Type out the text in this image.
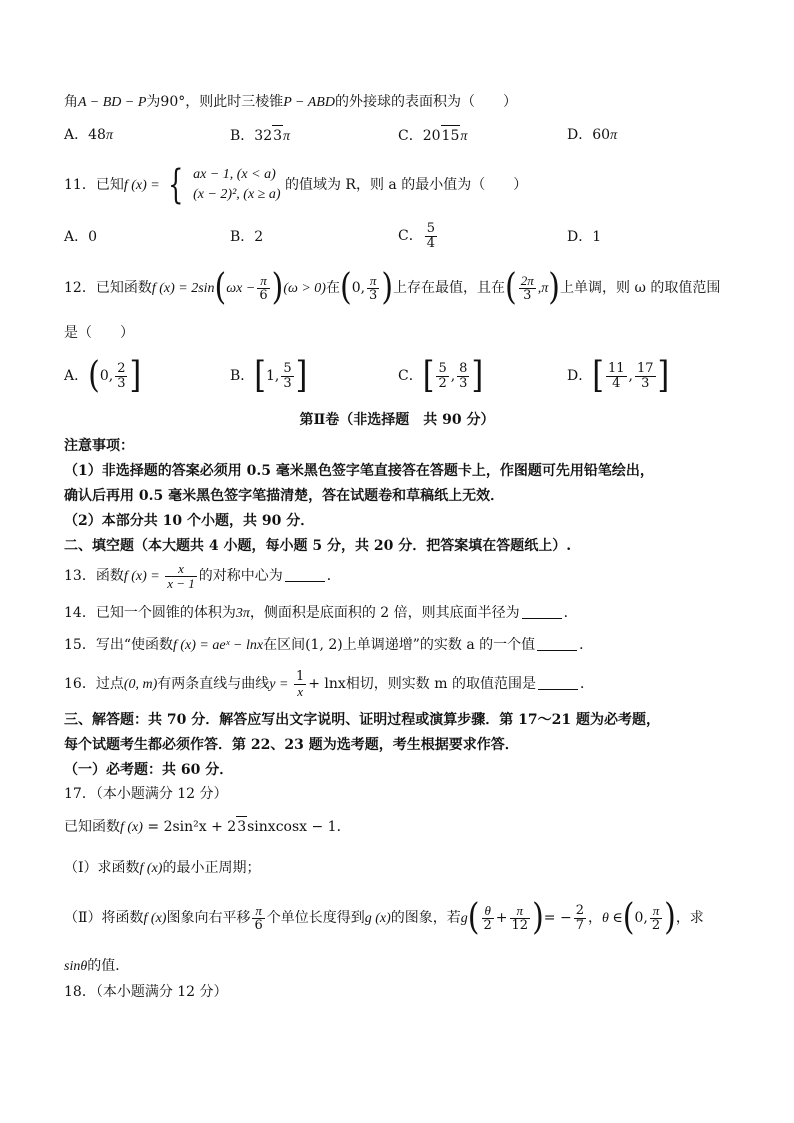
角A − BD − P为90°，则此时三棱锥P − ABD的外接球的表面积为（　　）
A．48π	B．323π	C．2015π	D．60π
11．已知f (x) = { ax − 1, (x < a)
(x − 2)², (x ≥ a)
的值域为 R，则 a 的最小值为（　　）
A．0	B．2	C． $\frac{5}{4}$	D．1
12．已知函数f $(x) = 2\sin(\omega x - \frac{\pi}{6} )(\omega > 0)$在(0, $\frac{\pi}{3}$ )上存在最值，且在( $\frac{2\pi}{3} ,\pi$)上单调，则 ω 的取值范围
是（　　）
A．(0, $\frac{2}{3}$ ]	B．[1, $\frac{5}{3}$ ]	C．[ $\frac{5}{2}$ , $\frac{8}{3}$ ]	D．[ $\frac{11}{4}$ , $\frac{17}{3}$ ]
第Ⅱ卷（非选择题　共 90 分）
注意事项：
（1）非选择题的答案必须用 0.5 毫米黑色签字笔直接答在答题卡上，作图题可先用铅笔绘出，
确认后再用 0.5 毫米黑色签字笔描清楚，答在试题卷和草稿纸上无效．
（2）本部分共 10 个小题，共 90 分．
二、填空题（本大题共 4 小题，每小题 5 分，共 20 分．把答案填在答题纸上）.
13．函数f $(x) = \frac{x}{x - 1}$ 的对称中心为	．
14．已知一个圆锥的体积为3π，侧面积是底面积的 2 倍，则其底面半径为	．
15．写出“使函数f (x) = aeˣ − lnx在区间(1, 2)上单调递增”的实数 a 的一个值	．
16．过点(0, m)有两条直线与曲线$y = \frac{1}{x} + \ln x$相切，则实数 m 的取值范围是	．
三、解答题：共 70 分．解答应写出文字说明、证明过程或演算步骤．第 17～21 题为必考题，
每个试题考生都必须作答．第 22、23 题为选考题，考生根据要求作答．
（一）必考题：共 60 分．
17．（本小题满分 12 分）
已知函数f (x) = 2sin²x + 23sinxcosx − 1．
（Ⅰ）求函数f (x)的最小正周期；
（Ⅱ）将函数f (x)图象向右平移 $\frac{\pi}{6}$ 个单位长度得到g (x)的图象，若$g( \frac{\theta}{2} + \frac{\pi}{12}$ )= − $\frac{2}{7}$ ，θ ∈(0, $\frac{\pi}{2}$ )，求
sinθ的值．
18．（本小题满分 12 分）
